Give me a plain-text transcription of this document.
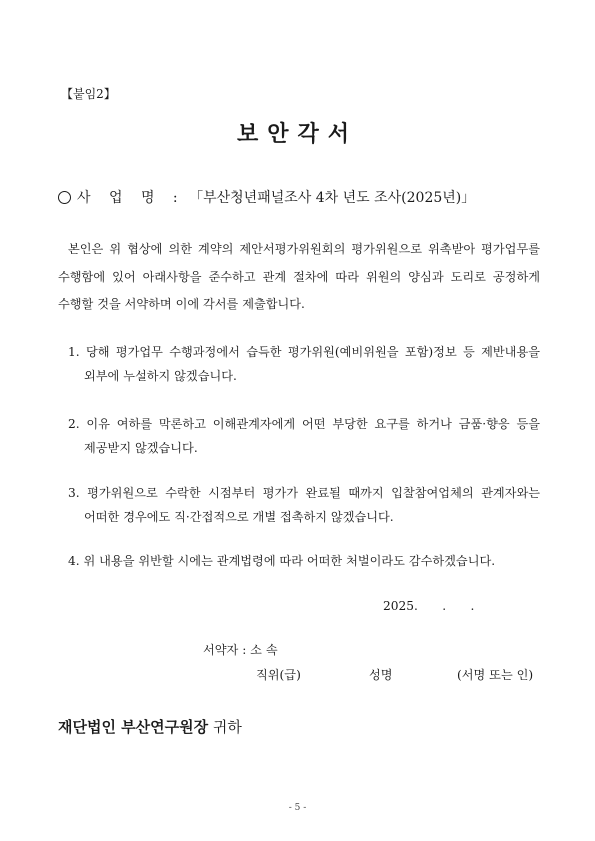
【붙임2】
보안각서
사 업 명 : 「부산청년패널조사 4차 년도 조사(2025년)」
본인은 위 협상에 의한 계약의 제안서평가위원회의 평가위원으로 위촉받아 평가업무를 수행함에 있어 아래사항을 준수하고 관계 절차에 따라 위원의 양심과 도리로 공정하게 수행할 것을 서약하며 이에 각서를 제출합니다.
1. 당해 평가업무 수행과정에서 습득한 평가위원(예비위원을 포함)정보 등 제반내용을 외부에 누설하지 않겠습니다.
2. 이유 여하를 막론하고 이해관계자에게 어떤 부당한 요구를 하거나 금품·향응 등을 제공받지 않겠습니다.
3. 평가위원으로 수락한 시점부터 평가가 완료될 때까지 입찰참여업체의 관계자와는 어떠한 경우에도 직·간접적으로 개별 접촉하지 않겠습니다.
4. 위 내용을 위반할 시에는 관계법령에 따라 어떠한 처벌이라도 감수하겠습니다.
2025.　　.　　.
서약자 : 소 속
직위(급)	성명	(서명 또는 인)
재단법인 부산연구원장 귀하
- 5 -
